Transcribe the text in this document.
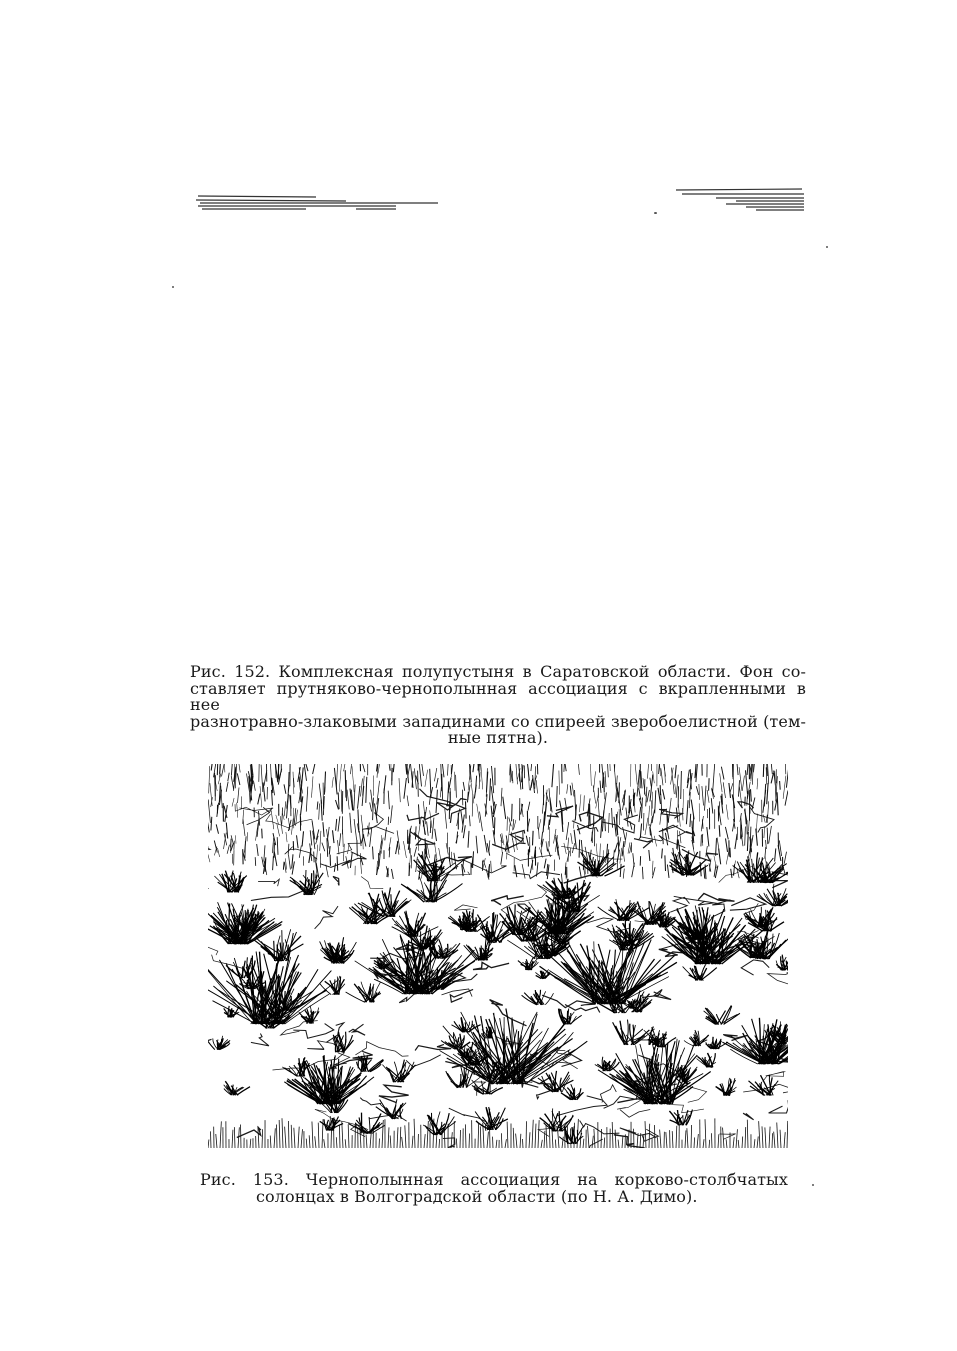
Рис. 152. Комплексная полупустыня в Саратовской области. Фон со-
ставляет прутняково-чернополынная ассоциация с вкрапленными в нее
разнотравно-злаковыми западинами со спиреей зверобоелистной (тем-
ные пятна).
Рис. 153. Чернополынная ассоциация на корково-столбчатых
солонцах в Волгоградской области (по Н. А. Димо).
